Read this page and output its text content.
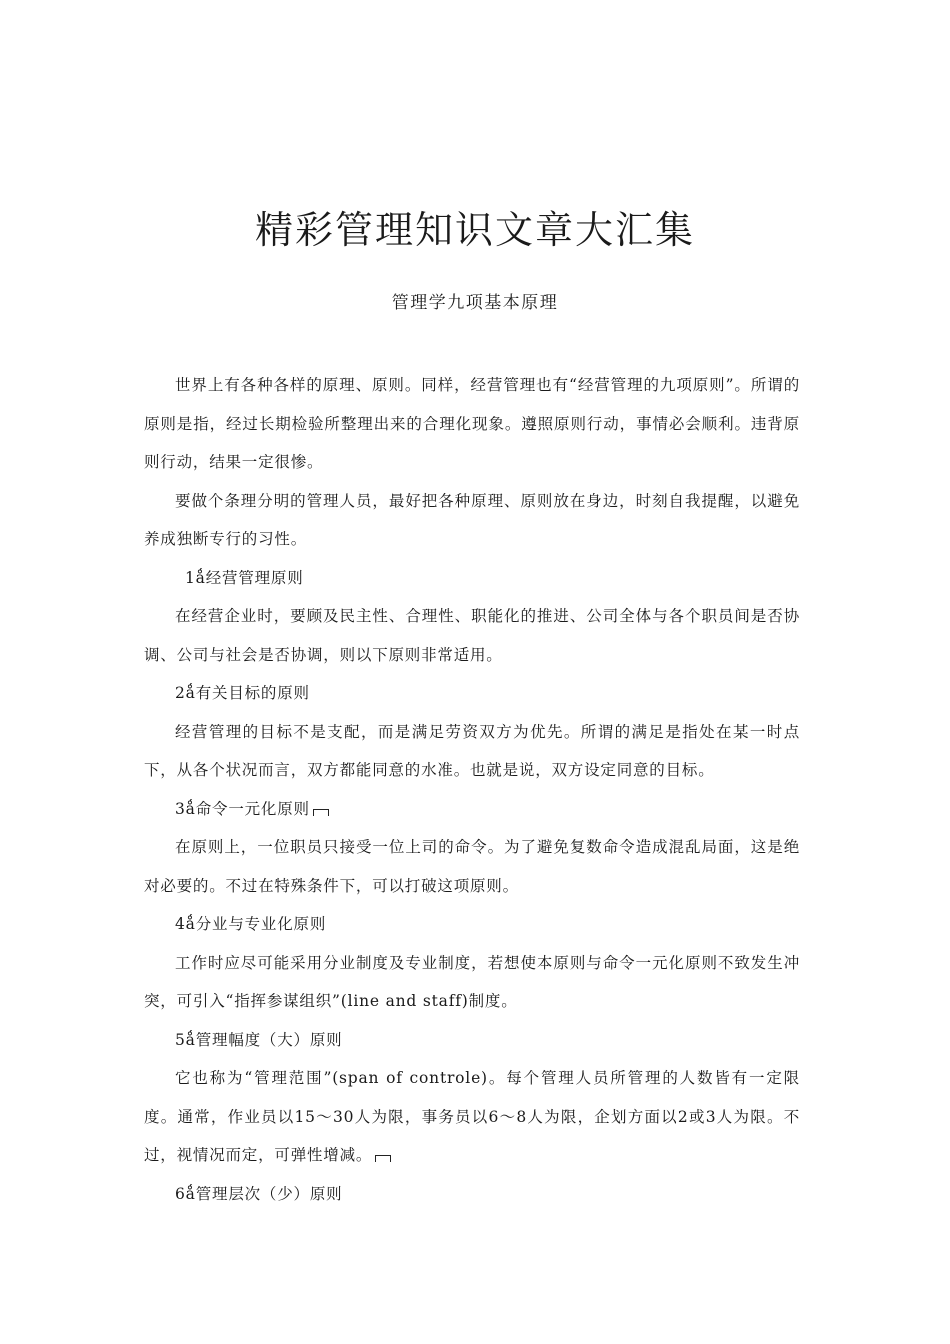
精彩管理知识文章大汇集
管理学九项基本原理

世界上有各种各样的原理、原则。同样，经营管理也有“经营管理的九项原则”。所谓的原则是指，经过长期检验所整理出来的合理化现象。遵照原则行动，事情必会顺利。违背原则行动，结果一定很惨。

要做个条理分明的管理人员，最好把各种原理、原则放在身边，时刻自我提醒，以避免养成独断专行的习性。

1ǻ经营管理原则

在经营企业时，要顾及民主性、合理性、职能化的推进、公司全体与各个职员间是否协调、公司与社会是否协调，则以下原则非常适用。

2ǻ有关目标的原则

经营管理的目标不是支配，而是满足劳资双方为优先。所谓的满足是指处在某一时点下，从各个状况而言，双方都能同意的水准。也就是说，双方设定同意的目标。

3ǻ命令一元化原则

在原则上，一位职员只接受一位上司的命令。为了避免复数命令造成混乱局面，这是绝对必要的。不过在特殊条件下，可以打破这项原则。

4ǻ分业与专业化原则

工作时应尽可能采用分业制度及专业制度，若想使本原则与命令一元化原则不致发生冲突，可引入“指挥参谋组织”(line and staff)制度。

5ǻ管理幅度（大）原则

它也称为“管理范围”(span of controle)。每个管理人员所管理的人数皆有一定限度。通常，作业员以15～30人为限，事务员以6～8人为限，企划方面以2或3人为限。不过，视情况而定，可弹性增减。

6ǻ管理层次（少）原则
